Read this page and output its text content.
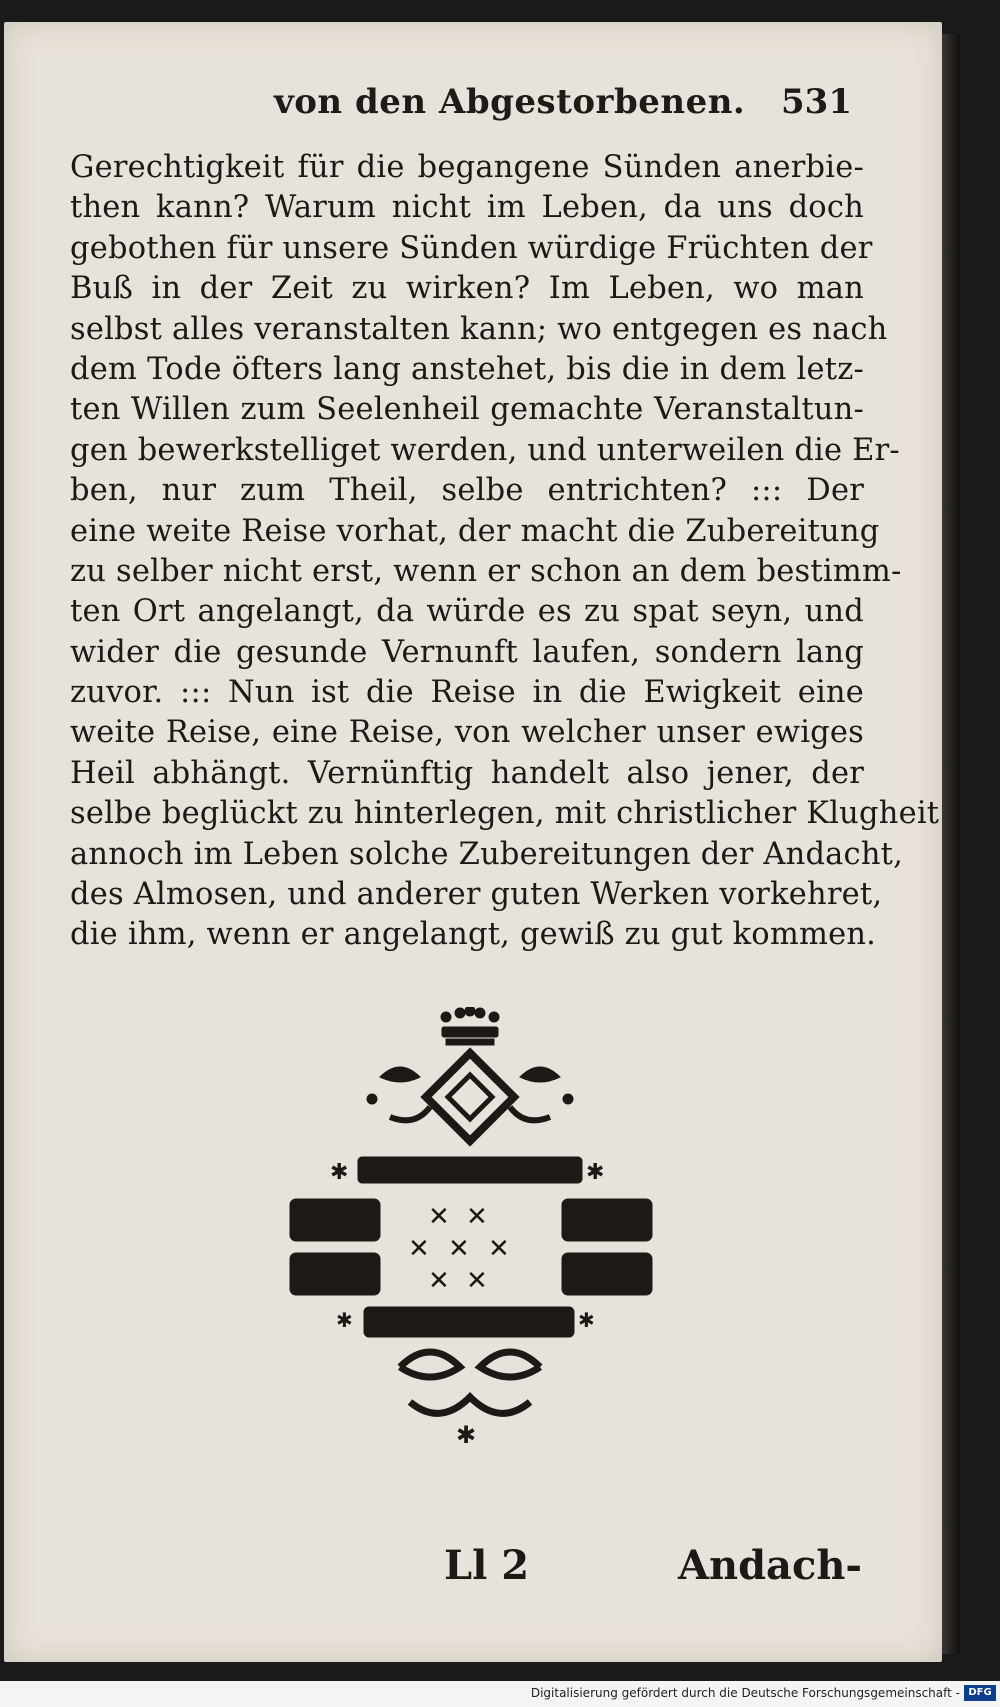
von den Abgestorbenen. 531
Gerechtigkeit für die begangene Sünden anerbie-
then kann? Warum nicht im Leben, da uns doch
gebothen für unsere Sünden würdige Früchten der
Buß in der Zeit zu wirken? Im Leben, wo man
selbst alles veranstalten kann; wo entgegen es nach
dem Tode öfters lang anstehet, bis die in dem letz-
ten Willen zum Seelenheil gemachte Veranstaltun-
gen bewerkstelliget werden, und unterweilen die Er-
ben, nur zum Theil, selbe entrichten? ::: Der
eine weite Reise vorhat, der macht die Zubereitung
zu selber nicht erst, wenn er schon an dem bestimm-
ten Ort angelangt, da würde es zu spat seyn, und
wider die gesunde Vernunft laufen, sondern lang
zuvor. ::: Nun ist die Reise in die Ewigkeit eine
weite Reise, eine Reise, von welcher unser ewiges
Heil abhängt. Vernünftig handelt also jener, der
selbe beglückt zu hinterlegen, mit christlicher Klugheit
annoch im Leben solche Zubereitungen der Andacht,
des Almosen, und anderer guten Werken vorkehret,
die ihm, wenn er angelangt, gewiß zu gut kommen.
✱	✱
✕ ✕
✕ ✕ ✕
✕ ✕
✱	✱
✱
Ll 2	Andach-
Digitalisierung gefördert durch die Deutsche Forschungsgemeinschaft - DFG
